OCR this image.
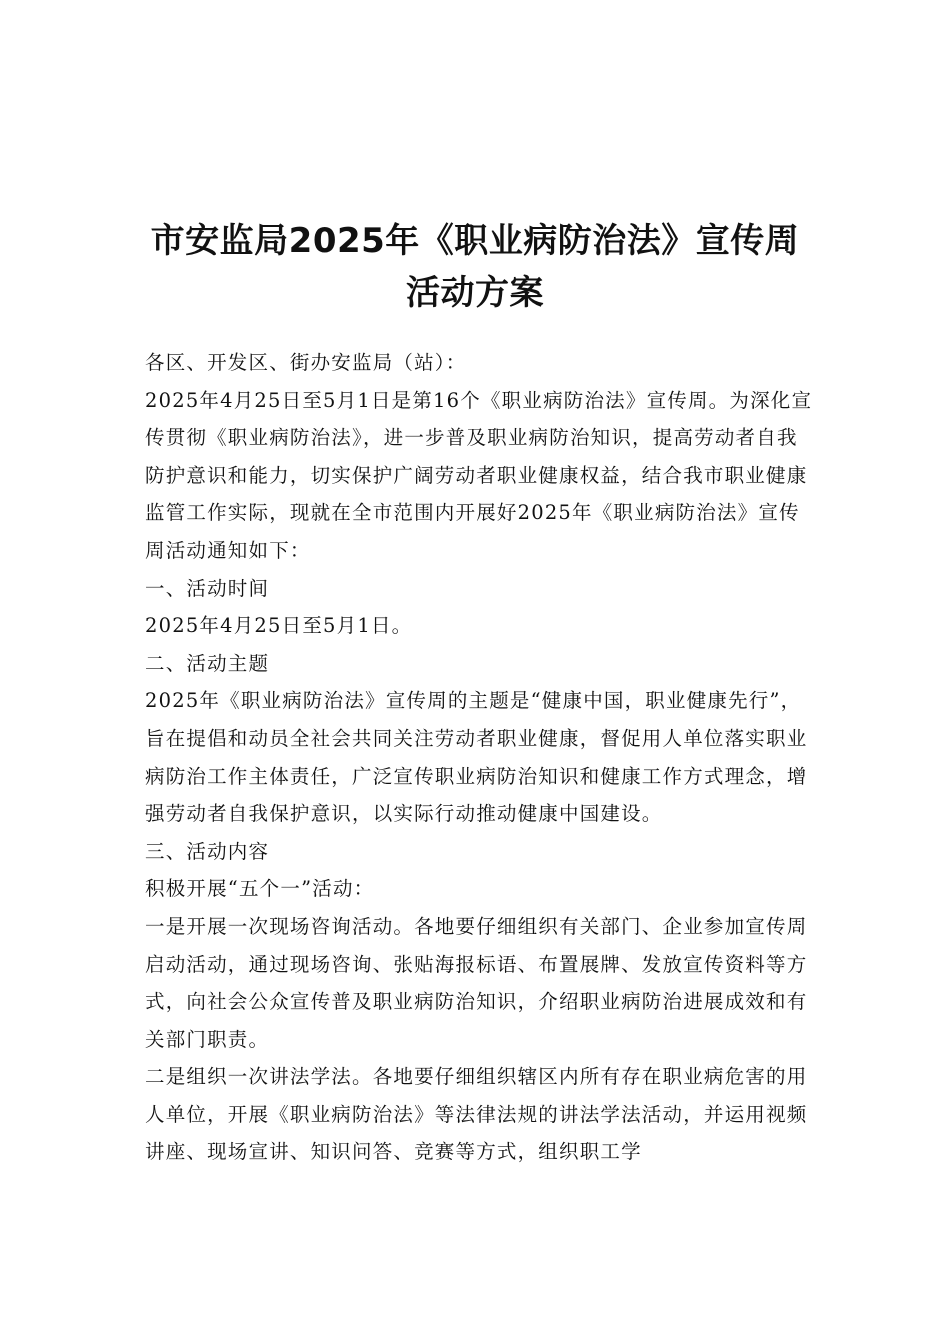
市安监局2025年《职业病防治法》宣传周
活动方案

各区、开发区、街办安监局（站）：

2025年4月25日至5月1日是第16个《职业病防治法》宣传周。为深化宣传贯彻《职业病防治法》，进一步普及职业病防治知识，提高劳动者自我防护意识和能力，切实保护广阔劳动者职业健康权益，结合我市职业健康监管工作实际，现就在全市范围内开展好2025年《职业病防治法》宣传周活动通知如下：

一、活动时间

2025年4月25日至5月1日。

二、活动主题

2025年《职业病防治法》宣传周的主题是“健康中国，职业健康先行”，旨在提倡和动员全社会共同关注劳动者职业健康，督促用人单位落实职业病防治工作主体责任，广泛宣传职业病防治知识和健康工作方式理念，增强劳动者自我保护意识，以实际行动推动健康中国建设。

三、活动内容

积极开展“五个一”活动：

一是开展一次现场咨询活动。各地要仔细组织有关部门、企业参加宣传周启动活动，通过现场咨询、张贴海报标语、布置展牌、发放宣传资料等方式，向社会公众宣传普及职业病防治知识，介绍职业病防治进展成效和有关部门职责。

二是组织一次讲法学法。各地要仔细组织辖区内所有存在职业病危害的用人单位，开展《职业病防治法》等法律法规的讲法学法活动，并运用视频讲座、现场宣讲、知识问答、竞赛等方式，组织职工学
